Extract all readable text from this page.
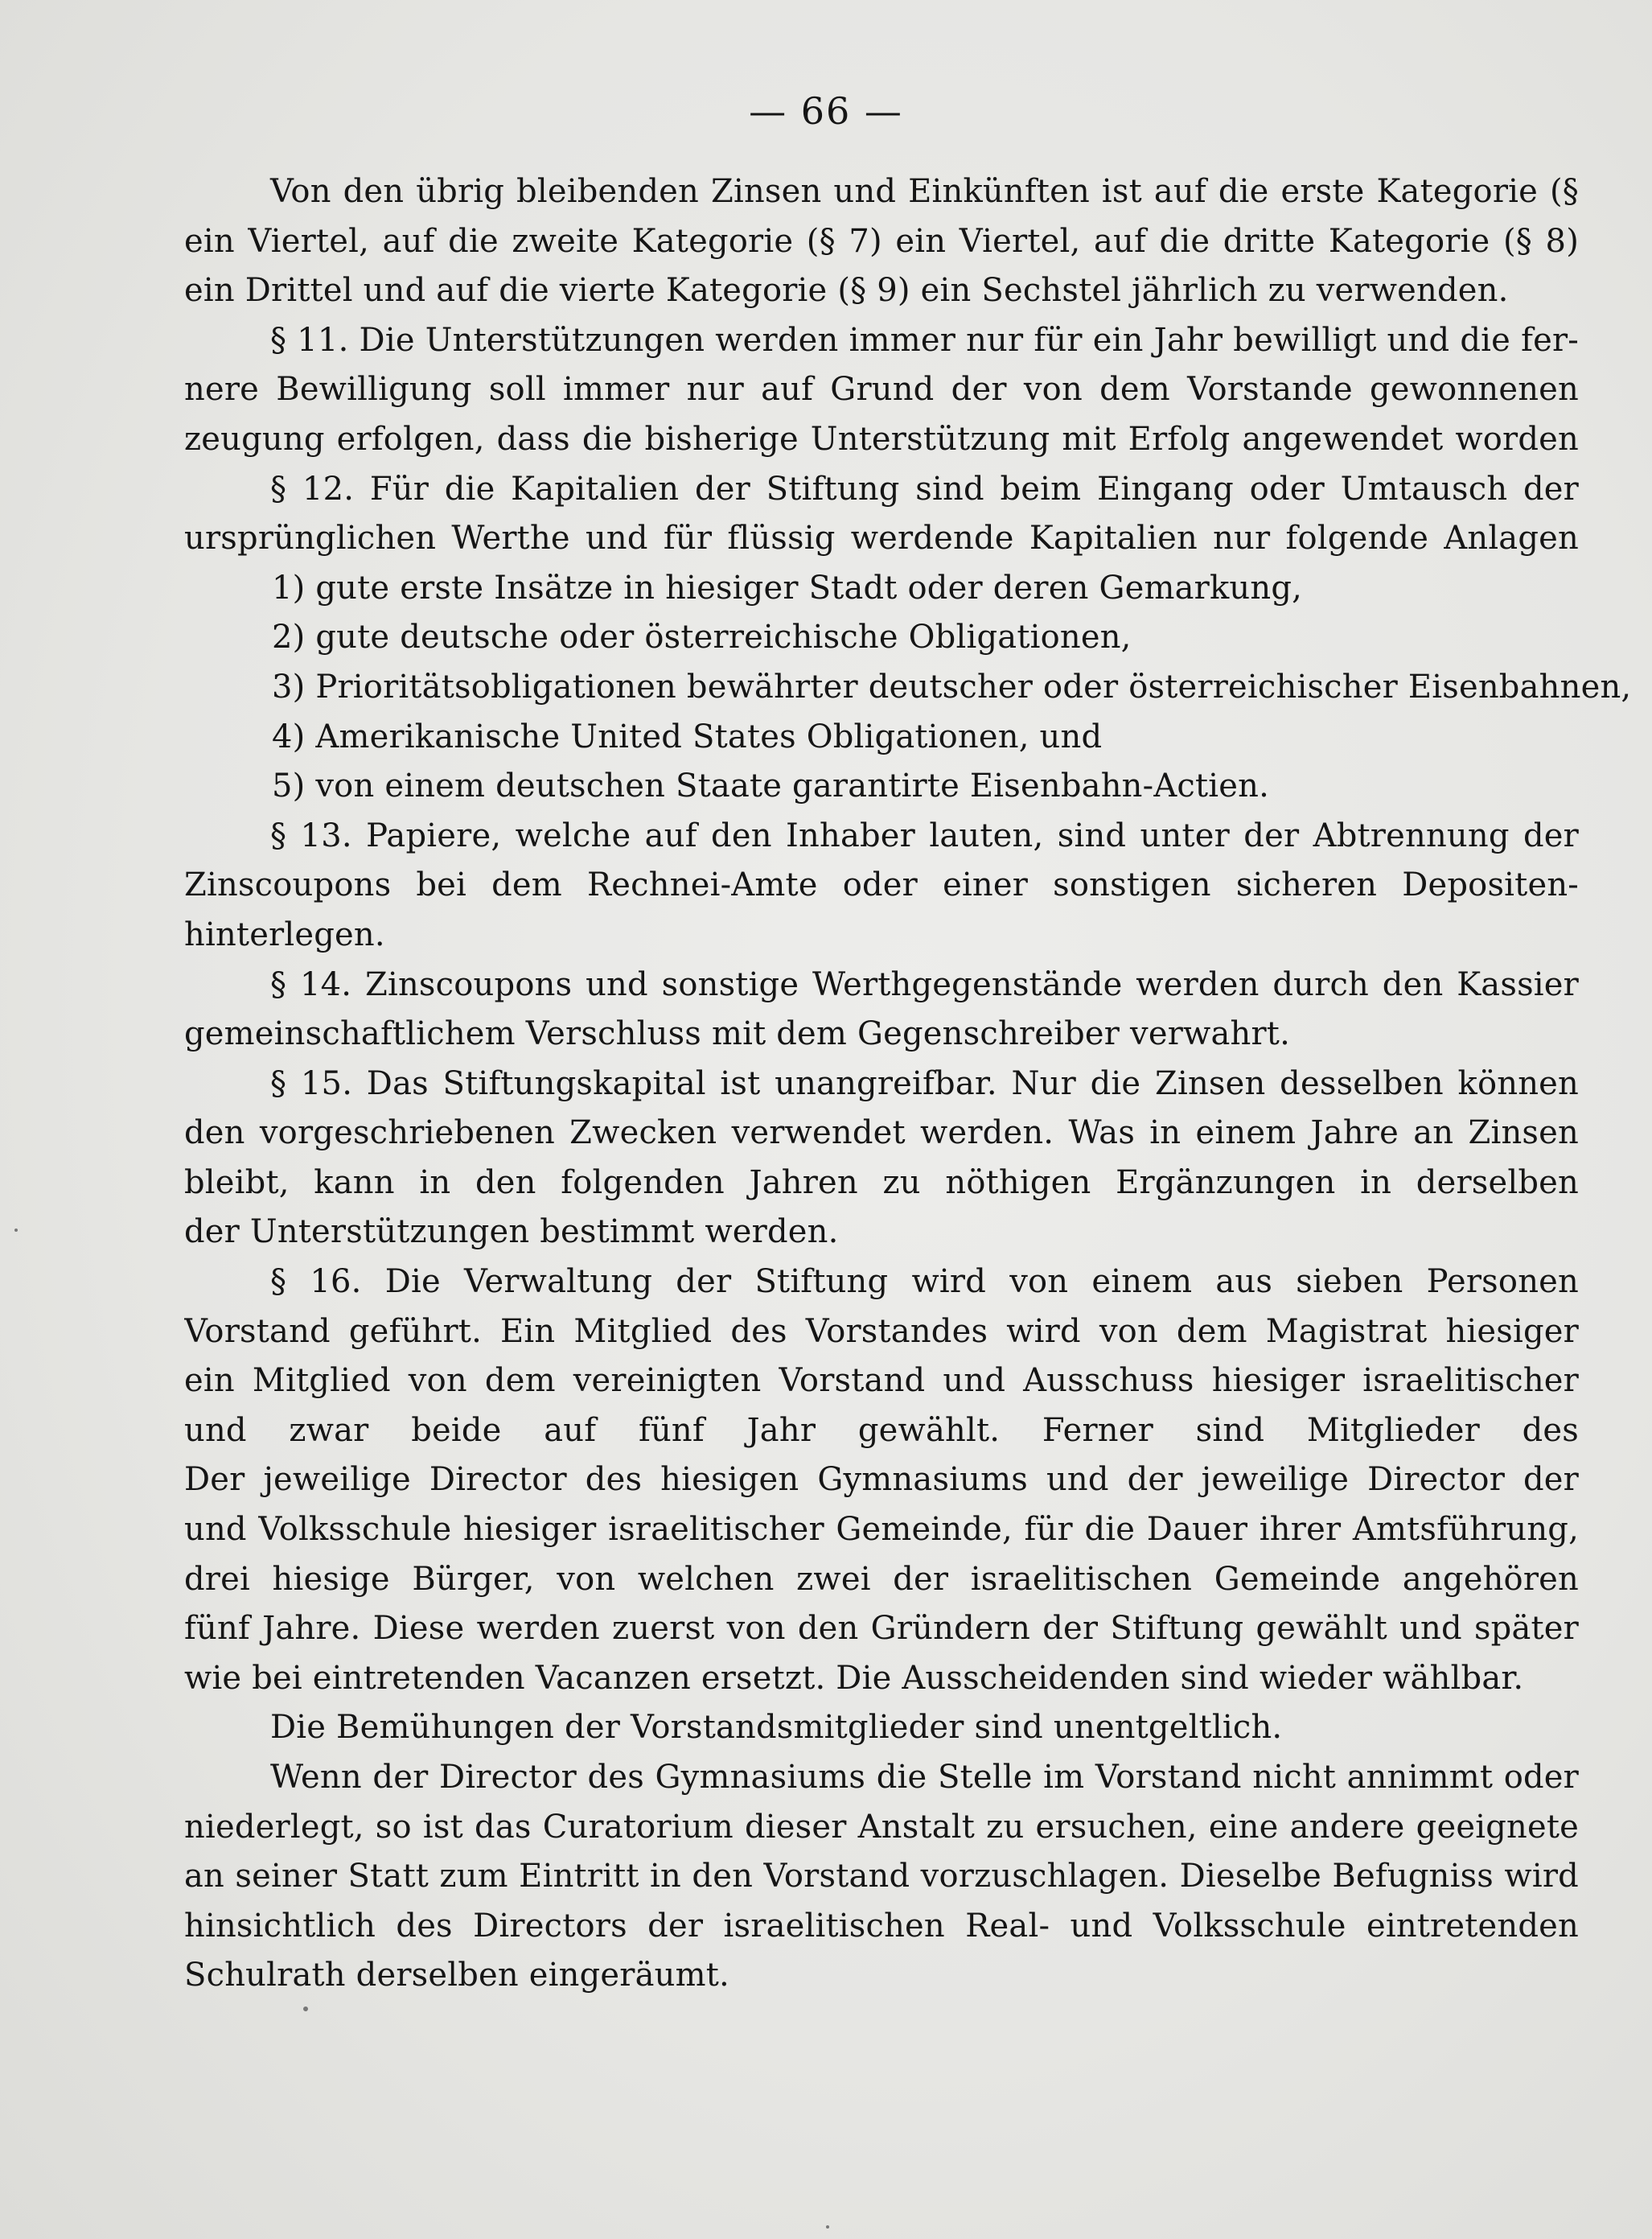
— 66 —
Von den übrig bleibenden Zinsen und Einkünften ist auf die erste Kategorie (§
ein Viertel, auf die zweite Kategorie (§ 7) ein Viertel, auf die dritte Kategorie (§ 8)
ein Drittel und auf die vierte Kategorie (§ 9) ein Sechstel jährlich zu verwenden.
§ 11. Die Unterstützungen werden immer nur für ein Jahr bewilligt und die fer-
nere Bewilligung soll immer nur auf Grund der von dem Vorstande gewonnenen
zeugung erfolgen, dass die bisherige Unterstützung mit Erfolg angewendet worden
§ 12. Für die Kapitalien der Stiftung sind beim Eingang oder Umtausch der
ursprünglichen Werthe und für flüssig werdende Kapitalien nur folgende Anlagen
1) gute erste Insätze in hiesiger Stadt oder deren Gemarkung,
2) gute deutsche oder österreichische Obligationen,
3) Prioritätsobligationen bewährter deutscher oder österreichischer Eisenbahnen,
4) Amerikanische United States Obligationen, und
5) von einem deutschen Staate garantirte Eisenbahn-Actien.
§ 13. Papiere, welche auf den Inhaber lauten, sind unter der Abtrennung der
Zinscoupons bei dem Rechnei-Amte oder einer sonstigen sicheren Depositen-
hinterlegen.
§ 14. Zinscoupons und sonstige Werthgegenstände werden durch den Kassier
gemeinschaftlichem Verschluss mit dem Gegenschreiber verwahrt.
§ 15. Das Stiftungskapital ist unangreifbar. Nur die Zinsen desselben können
den vorgeschriebenen Zwecken verwendet werden. Was in einem Jahre an Zinsen
bleibt, kann in den folgenden Jahren zu nöthigen Ergänzungen in derselben
der Unterstützungen bestimmt werden.
§ 16. Die Verwaltung der Stiftung wird von einem aus sieben Personen
Vorstand geführt. Ein Mitglied des Vorstandes wird von dem Magistrat hiesiger
ein Mitglied von dem vereinigten Vorstand und Ausschuss hiesiger israelitischer
und zwar beide auf fünf Jahr gewählt. Ferner sind Mitglieder des
Der jeweilige Director des hiesigen Gymnasiums und der jeweilige Director der
und Volksschule hiesiger israelitischer Gemeinde, für die Dauer ihrer Amtsführung,
drei hiesige Bürger, von welchen zwei der israelitischen Gemeinde angehören
fünf Jahre. Diese werden zuerst von den Gründern der Stiftung gewählt und später
wie bei eintretenden Vacanzen ersetzt. Die Ausscheidenden sind wieder wählbar.
Die Bemühungen der Vorstandsmitglieder sind unentgeltlich.
Wenn der Director des Gymnasiums die Stelle im Vorstand nicht annimmt oder
niederlegt, so ist das Curatorium dieser Anstalt zu ersuchen, eine andere geeignete
an seiner Statt zum Eintritt in den Vorstand vorzuschlagen. Dieselbe Befugniss wird
hinsichtlich des Directors der israelitischen Real- und Volksschule eintretenden
Schulrath derselben eingeräumt.
